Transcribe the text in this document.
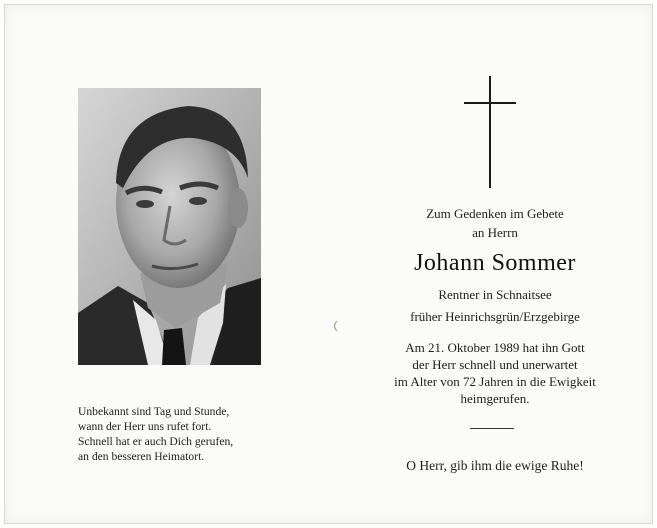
Unbekannt sind Tag und Stunde,
wann der Herr uns rufet fort.
Schnell hat er auch Dich gerufen,
an den besseren Heimatort.
Zum Gedenken im Gebete
an Herrn
Johann Sommer
Rentner in Schnaitsee
früher Heinrichsgrün/Erzgebirge
Am 21. Oktober 1989 hat ihn Gott
der Herr schnell und unerwartet
im Alter von 72 Jahren in die Ewigkeit
heimgerufen.
O Herr, gib ihm die ewige Ruhe!
